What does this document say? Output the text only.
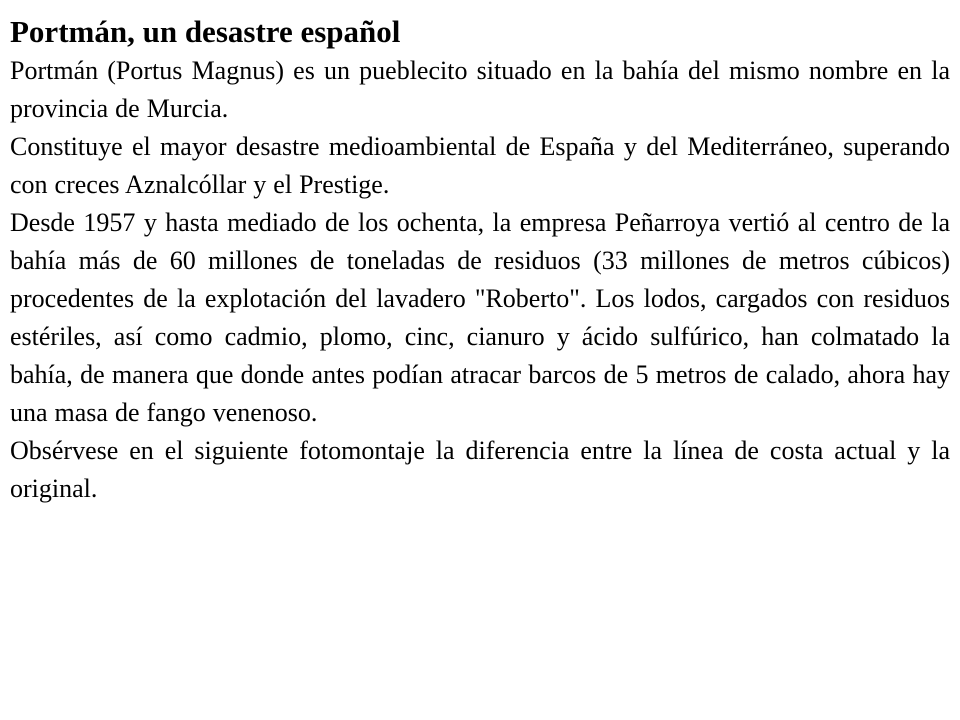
Portmán, un desastre español

Portmán (Portus Magnus) es un pueblecito situado en la bahía del mismo nombre en la provincia de Murcia.

Constituye el mayor desastre medioambiental de España y del Mediterráneo, superando con creces Aznalcóllar y el Prestige.

Desde 1957 y hasta mediado de los ochenta, la empresa Peñarroya vertió al centro de la bahía más de 60 millones de toneladas de residuos (33 millones de metros cúbicos) procedentes de la explotación del lavadero "Roberto". Los lodos, cargados con residuos estériles, así como cadmio, plomo, cinc, cianuro y ácido sulfúrico, han colmatado la bahía, de manera que donde antes podían atracar barcos de 5 metros de calado, ahora hay una masa de fango venenoso.

Obsérvese en el siguiente fotomontaje la diferencia entre la línea de costa actual y la original.
